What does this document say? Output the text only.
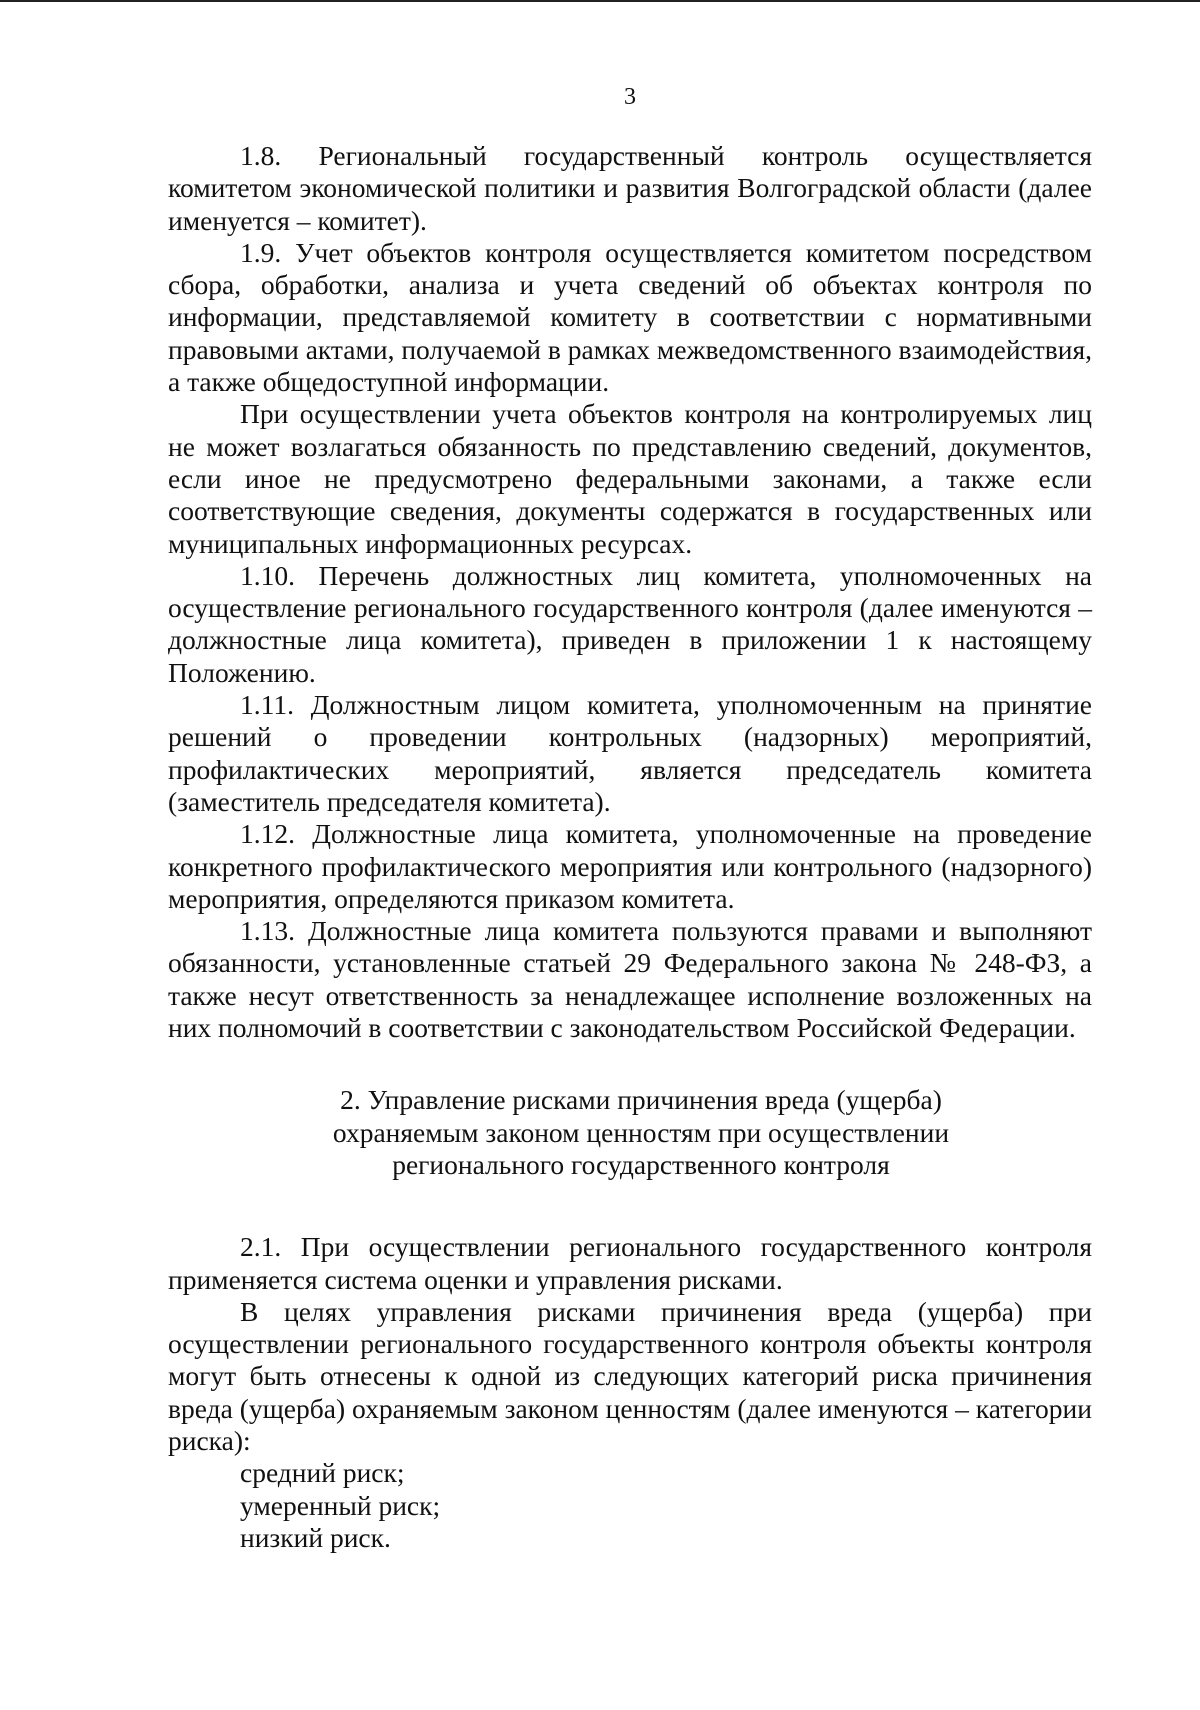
3

1.8. Региональный государственный контроль осуществляется комитетом экономической политики и развития Волгоградской области (далее именуется – комитет).

1.9. Учет объектов контроля осуществляется комитетом посредством сбора, обработки, анализа и учета сведений об объектах контроля по информации, представляемой комитету в соответствии с нормативными правовыми актами, получаемой в рамках межведомственного взаимодействия, а также общедоступной информации.

При осуществлении учета объектов контроля на контролируемых лиц не может возлагаться обязанность по представлению сведений, документов, если иное не предусмотрено федеральными законами, а также если соответствующие сведения, документы содержатся в государственных или муниципальных информационных ресурсах.

1.10. Перечень должностных лиц комитета, уполномоченных на осуществление регионального государственного контроля (далее именуются – должностные лица комитета), приведен в приложении 1 к настоящему Положению.

1.11. Должностным лицом комитета, уполномоченным на принятие решений о проведении контрольных (надзорных) мероприятий, профилактических мероприятий, является председатель комитета (заместитель председателя комитета).

1.12. Должностные лица комитета, уполномоченные на проведение конкретного профилактического мероприятия или контрольного (надзорного) мероприятия, определяются приказом комитета.

1.13. Должностные лица комитета пользуются правами и выполняют обязанности, установленные статьей 29 Федерального закона № 248-ФЗ, а также несут ответственность за ненадлежащее исполнение возложенных на них полномочий в соответствии с законодательством Российской Федерации.

2. Управление рисками причинения вреда (ущерба)
охраняемым законом ценностям при осуществлении
регионального государственного контроля

2.1. При осуществлении регионального государственного контроля применяется система оценки и управления рисками.

В целях управления рисками причинения вреда (ущерба) при осуществлении регионального государственного контроля объекты контроля могут быть отнесены к одной из следующих категорий риска причинения вреда (ущерба) охраняемым законом ценностям (далее именуются – категории риска):

средний риск;
умеренный риск;
низкий риск.
